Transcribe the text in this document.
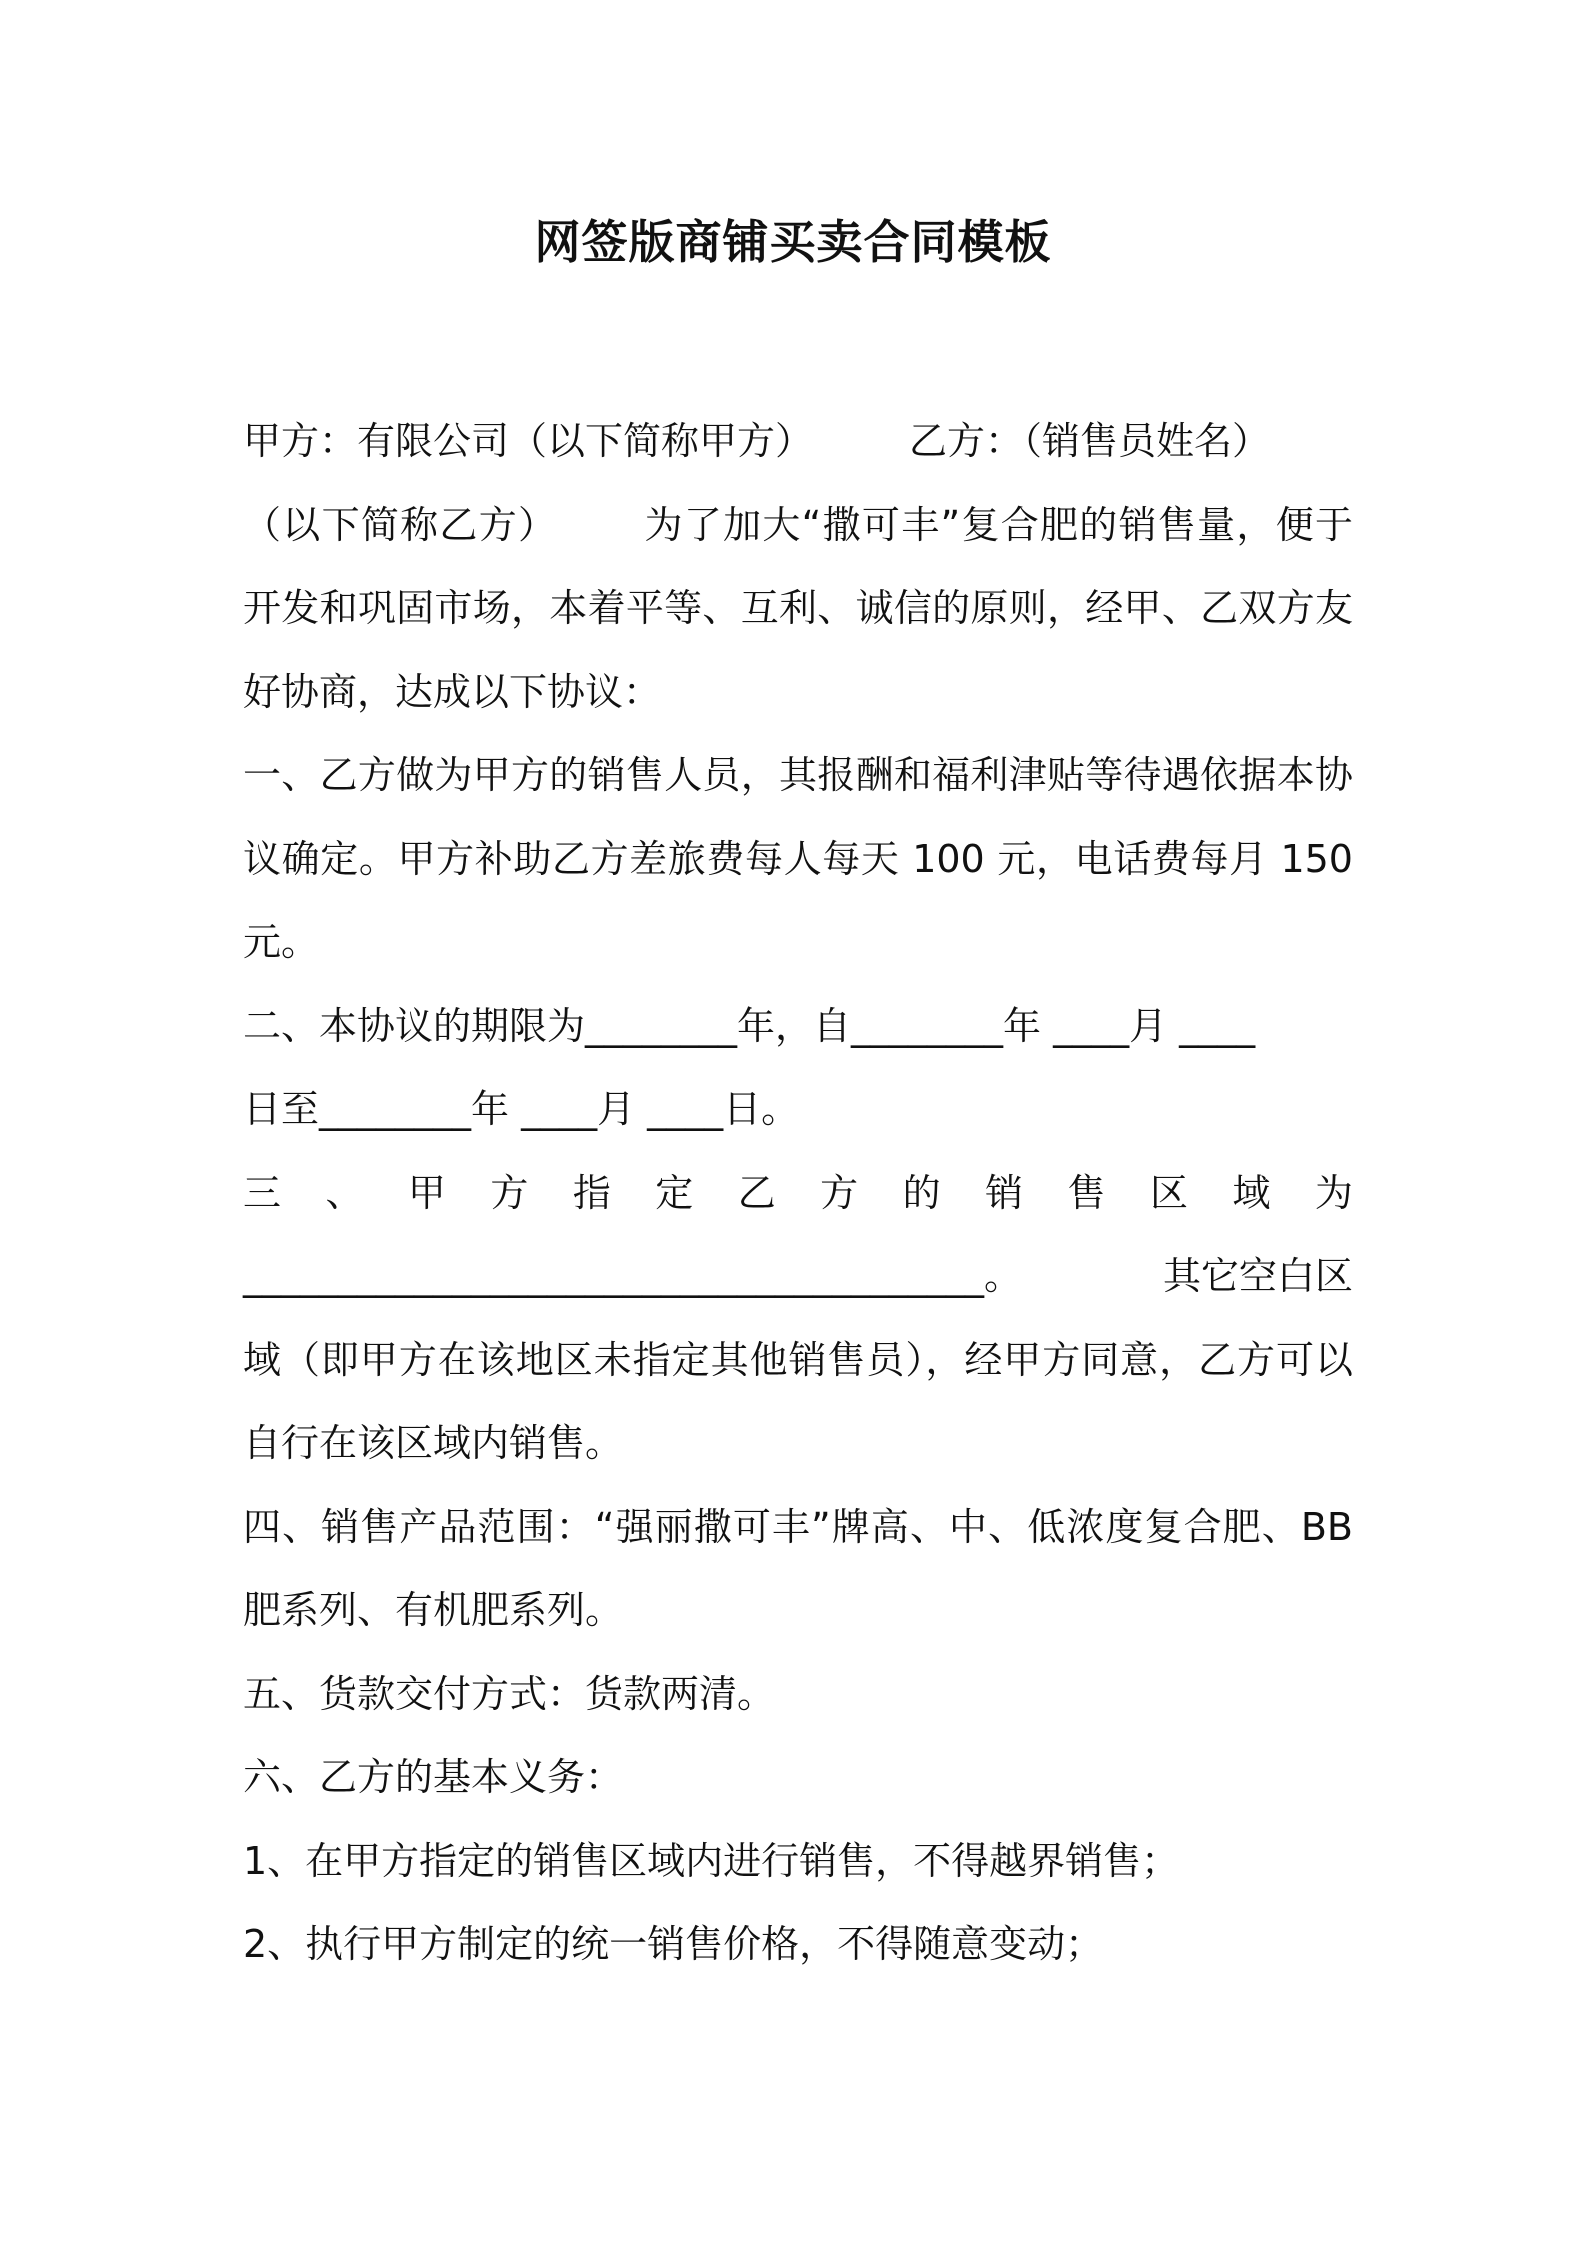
网签版商铺买卖合同模板

甲方：有限公司（以下简称甲方）	乙方：（销售员姓名）

（以下简称乙方） 为了加大“撒可丰”复合肥的销售量，便于开发和巩固市场，本着平等、互利、诚信的原则，经甲、乙双方友好协商，达成以下协议：

一、乙方做为甲方的销售人员，其报酬和福利津贴等待遇依据本协议确定。甲方补助乙方差旅费每人每天 100 元，电话费每月 150 元。

二、本协议的期限为________年，自________年 ____月 ____

日至________年 ____月 ____日。

三 、 甲 方 指 定 乙 方 的 销 售 区 域 为
_______________________________________。	其它空白区

域（即甲方在该地区未指定其他销售员），经甲方同意，乙方可以自行在该区域内销售。

四、销售产品范围：“强丽撒可丰”牌高、中、低浓度复合肥、BB 肥系列、有机肥系列。

五、货款交付方式：货款两清。

六、乙方的基本义务：

1、在甲方指定的销售区域内进行销售，不得越界销售；

2、执行甲方制定的统一销售价格，不得随意变动；
